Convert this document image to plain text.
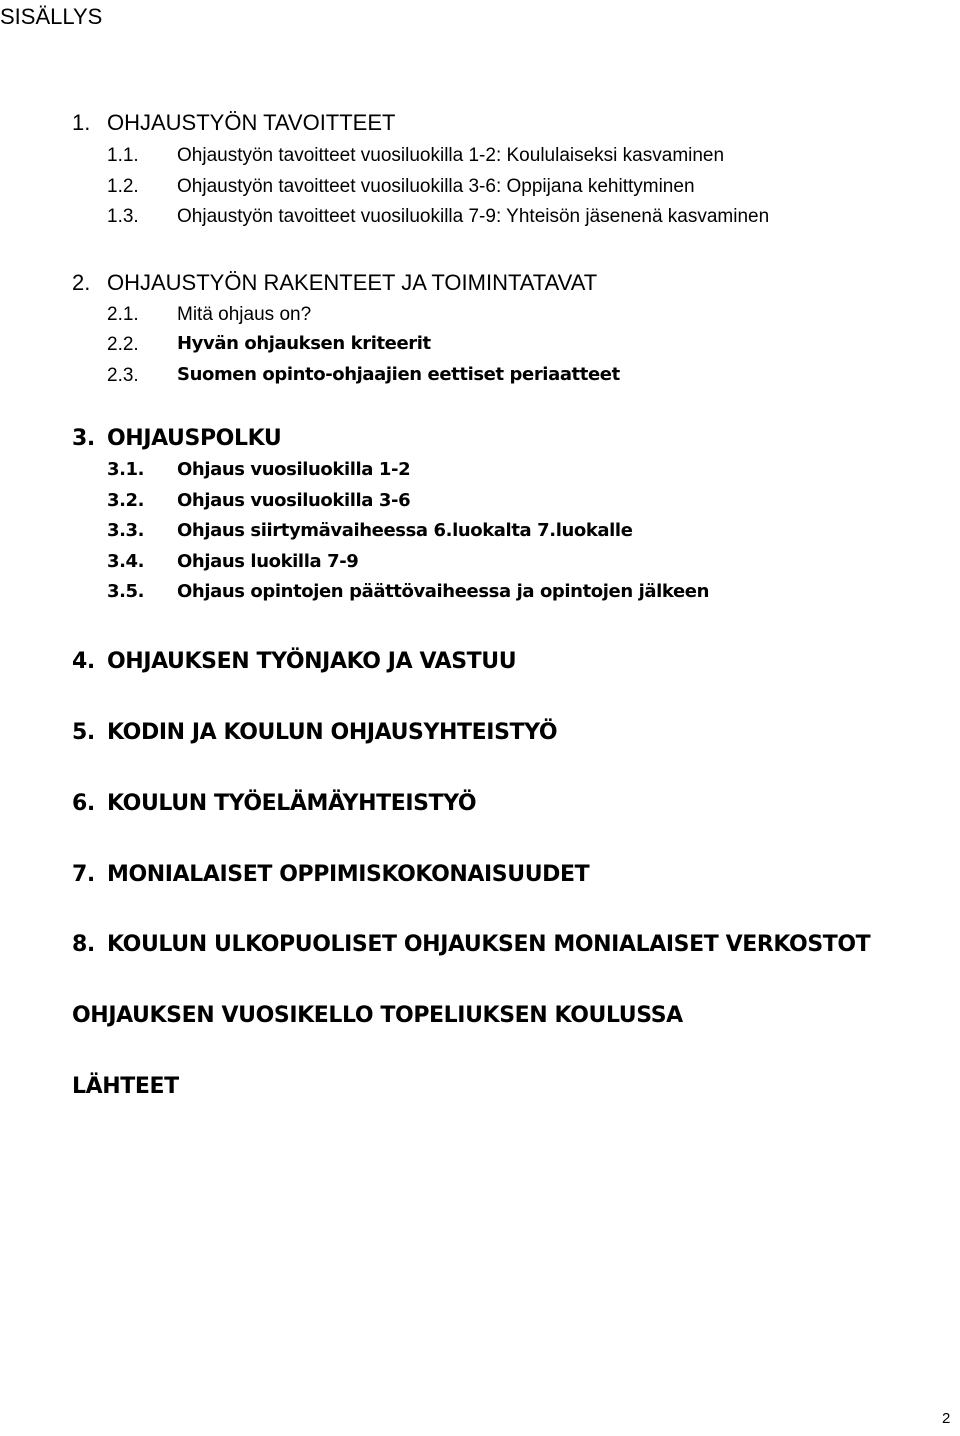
SISÄLLYS
1. OHJAUSTYÖN TAVOITTEET
1.1. Ohjaustyön tavoitteet vuosiluokilla 1-2: Koululaiseksi kasvaminen
1.2. Ohjaustyön tavoitteet vuosiluokilla 3-6: Oppijana kehittyminen
1.3. Ohjaustyön tavoitteet vuosiluokilla 7-9: Yhteisön jäsenenä kasvaminen
2. OHJAUSTYÖN RAKENTEET JA TOIMINTATAVAT
2.1. Mitä ohjaus on?
2.2. Hyvän ohjauksen kriteerit
2.3. Suomen opinto-ohjaajien eettiset periaatteet
3. OHJAUSPOLKU
3.1. Ohjaus vuosiluokilla 1-2
3.2. Ohjaus vuosiluokilla 3-6
3.3. Ohjaus siirtymävaiheessa 6.luokalta 7.luokalle
3.4. Ohjaus luokilla 7-9
3.5. Ohjaus opintojen päättövaiheessa ja opintojen jälkeen
4. OHJAUKSEN TYÖNJAKO JA VASTUU
5. KODIN JA KOULUN OHJAUSYHTEISTYÖ
6. KOULUN TYÖELÄMÄYHTEISTYÖ
7. MONIALAISET OPPIMISKOKONAISUUDET
8. KOULUN ULKOPUOLISET OHJAUKSEN MONIALAISET VERKOSTOT
OHJAUKSEN VUOSIKELLO TOPELIUKSEN KOULUSSA
LÄHTEET
2
